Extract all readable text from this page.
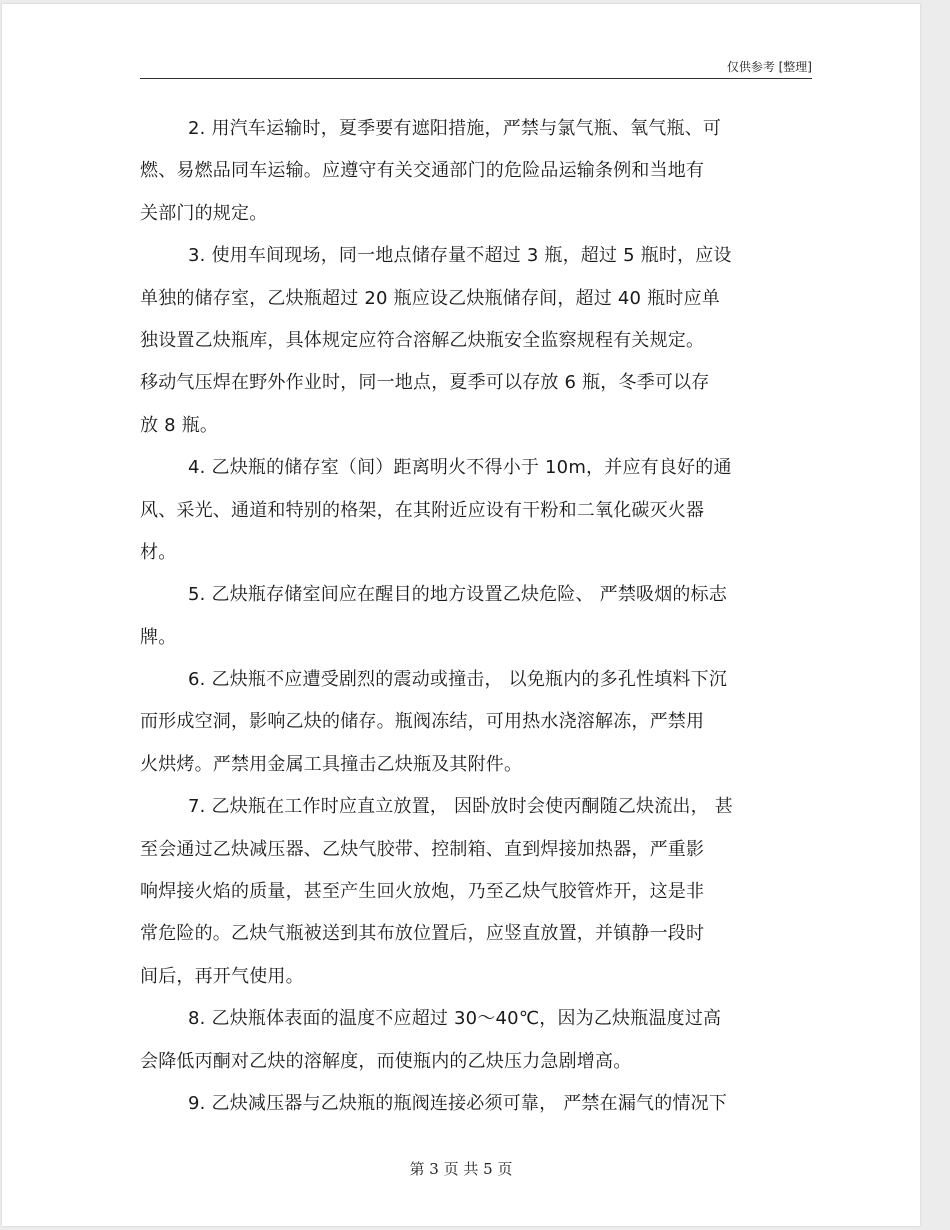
仅供参考 [整理]
2. 用汽车运输时，夏季要有遮阳措施，严禁与氯气瓶、氧气瓶、可
燃、易燃品同车运输。应遵守有关交通部门的危险品运输条例和当地有
关部门的规定。
3. 使用车间现场，同一地点储存量不超过 3 瓶，超过 5 瓶时，应设
单独的储存室，乙炔瓶超过 20 瓶应设乙炔瓶储存间，超过 40 瓶时应单
独设置乙炔瓶库，具体规定应符合溶解乙炔瓶安全监察规程有关规定。
移动气压焊在野外作业时，同一地点，夏季可以存放 6 瓶，冬季可以存
放 8 瓶。
4. 乙炔瓶的储存室（间）距离明火不得小于 10m，并应有良好的通
风、采光、通道和特别的格架，在其附近应设有干粉和二氧化碳灭火器
材。
5. 乙炔瓶存储室间应在醒目的地方设置乙炔危险、 严禁吸烟的标志
牌。
6. 乙炔瓶不应遭受剧烈的震动或撞击， 以免瓶内的多孔性填料下沉
而形成空洞，影响乙炔的储存。瓶阀冻结，可用热水浇溶解冻，严禁用
火烘烤。严禁用金属工具撞击乙炔瓶及其附件。
7. 乙炔瓶在工作时应直立放置， 因卧放时会使丙酮随乙炔流出， 甚
至会通过乙炔减压器、乙炔气胶带、控制箱、直到焊接加热器，严重影
响焊接火焰的质量，甚至产生回火放炮，乃至乙炔气胶管炸开，这是非
常危险的。乙炔气瓶被送到其布放位置后，应竖直放置，并镇静一段时
间后，再开气使用。
8. 乙炔瓶体表面的温度不应超过 30～40℃，因为乙炔瓶温度过高
会降低丙酮对乙炔的溶解度，而使瓶内的乙炔压力急剧增高。
9. 乙炔减压器与乙炔瓶的瓶阀连接必须可靠， 严禁在漏气的情况下
第 3 页 共 5 页
